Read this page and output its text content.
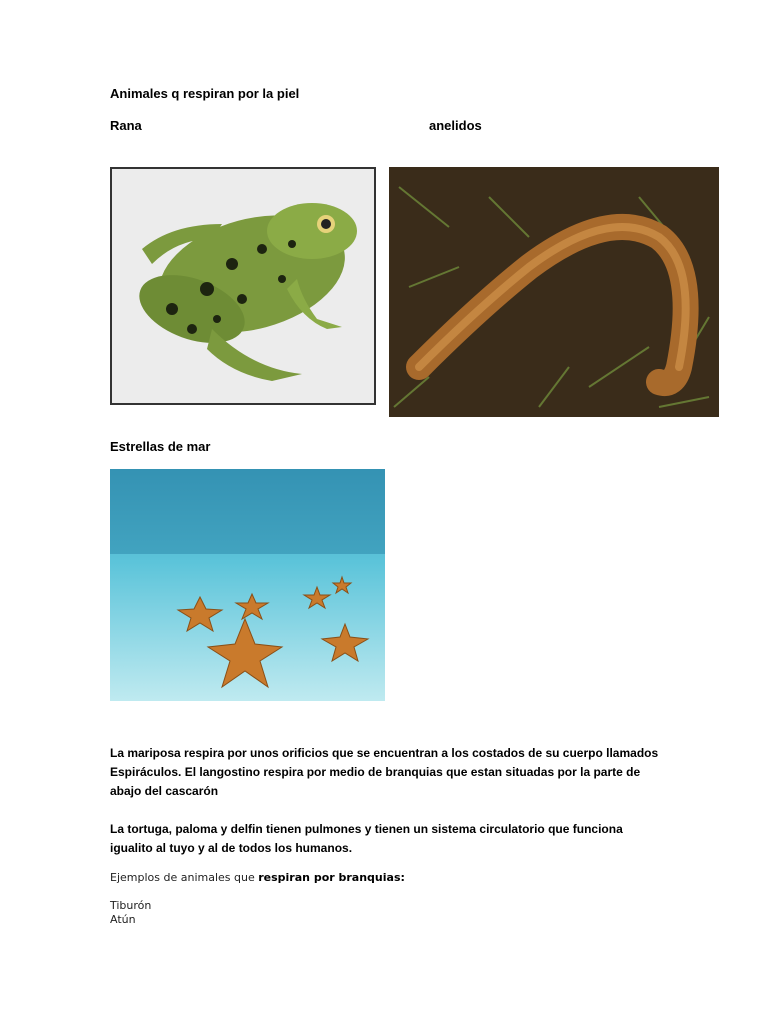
Animales q respiran por la piel
Rana	anelidos
Estrellas de mar
La mariposa respira por unos orificios que se encuentran a los costados de su cuerpo llamados
Espiráculos. El langostino respira por medio de branquias que estan situadas por la parte de
abajo del cascarón
La tortuga, paloma y delfin tienen pulmones y tienen un sistema circulatorio que funciona
igualito al tuyo y al de todos los humanos.
Ejemplos de animales que respiran por branquias:
Tiburón
Atún
